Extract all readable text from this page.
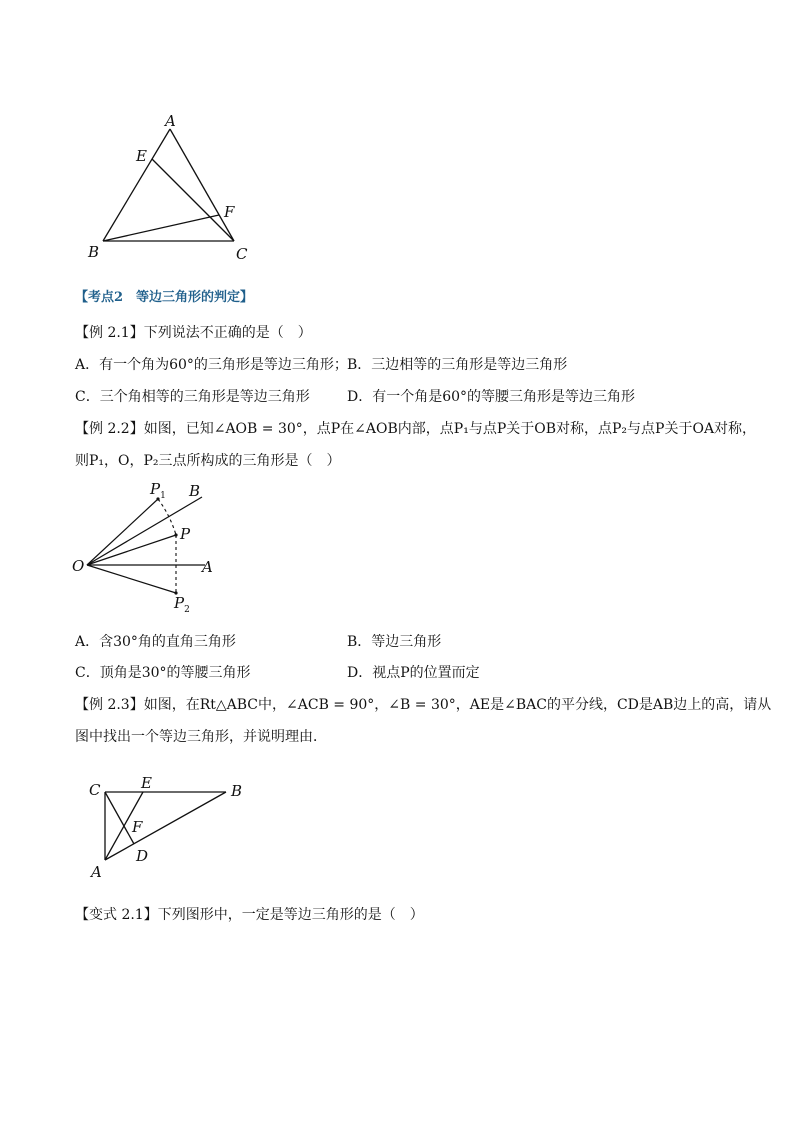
A
E
F
B	C
【考点2　等边三角形的判定】
【例 2.1】下列说法不正确的是（　）
A．有一个角为60°的三角形是等边三角形； B．三边相等的三角形是等边三角形
C．三个角相等的三角形是等边三角形	D．有一个角是60°的等腰三角形是等边三角形
【例 2.2】如图，已知∠AOB = 30°，点P在∠AOB内部，点P₁与点P关于OB对称，点P₂与点P关于OA对称，
则P₁，O，P₂三点所构成的三角形是（　）
$P_1$ B
P
O	A
$P_2$
A．含30°角的直角三角形	B．等边三角形
C．顶角是30°的等腰三角形	D．视点P的位置而定
【例 2.3】如图，在Rt△ABC中，∠ACB = 90°，∠B = 30°，AE是∠BAC的平分线，CD是AB边上的高，请从
图中找出一个等边三角形，并说明理由．
C	E	B
F
D
A
【变式 2.1】下列图形中，一定是等边三角形的是（　）
